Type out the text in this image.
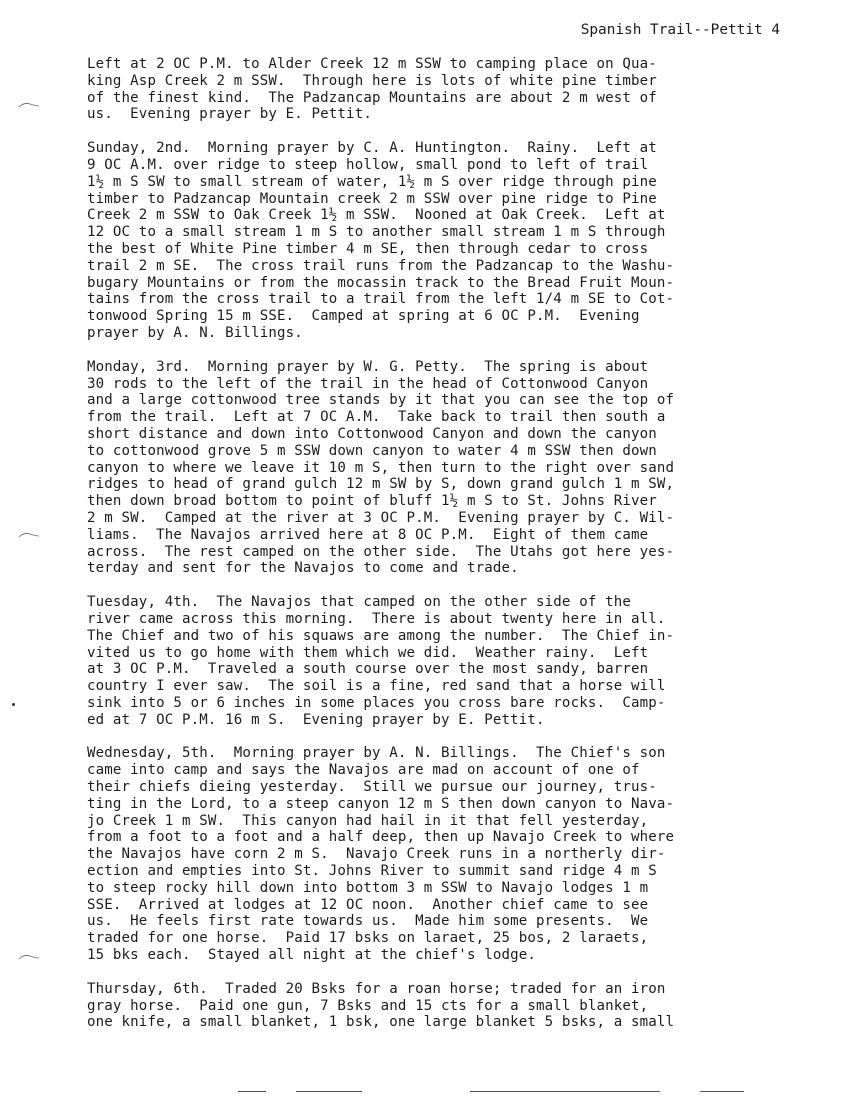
Spanish Trail--Pettit 4
Left at 2 OC P.M. to Alder Creek 12 m SSW to camping place on Qua-
king Asp Creek 2 m SSW.  Through here is lots of white pine timber
of the finest kind.  The Padzancap Mountains are about 2 m west of
us.  Evening prayer by E. Pettit.
Sunday, 2nd.  Morning prayer by C. A. Huntington.  Rainy.  Left at
9 OC A.M. over ridge to steep hollow, small pond to left of trail
1½ m S SW to small stream of water, 1½ m S over ridge through pine
timber to Padzancap Mountain creek 2 m SSW over pine ridge to Pine
Creek 2 m SSW to Oak Creek 1½ m SSW.  Nooned at Oak Creek.  Left at
12 OC to a small stream 1 m S to another small stream 1 m S through
the best of White Pine timber 4 m SE, then through cedar to cross
trail 2 m SE.  The cross trail runs from the Padzancap to the Washu-
bugary Mountains or from the mocassin track to the Bread Fruit Moun-
tains from the cross trail to a trail from the left 1/4 m SE to Cot-
tonwood Spring 15 m SSE.  Camped at spring at 6 OC P.M.  Evening
prayer by A. N. Billings.
Monday, 3rd.  Morning prayer by W. G. Petty.  The spring is about
30 rods to the left of the trail in the head of Cottonwood Canyon
and a large cottonwood tree stands by it that you can see the top of
from the trail.  Left at 7 OC A.M.  Take back to trail then south a
short distance and down into Cottonwood Canyon and down the canyon
to cottonwood grove 5 m SSW down canyon to water 4 m SSW then down
canyon to where we leave it 10 m S, then turn to the right over sand
ridges to head of grand gulch 12 m SW by S, down grand gulch 1 m SW,
then down broad bottom to point of bluff 1½ m S to St. Johns River
2 m SW.  Camped at the river at 3 OC P.M.  Evening prayer by C. Wil-
liams.  The Navajos arrived here at 8 OC P.M.  Eight of them came
across.  The rest camped on the other side.  The Utahs got here yes-
terday and sent for the Navajos to come and trade.
Tuesday, 4th.  The Navajos that camped on the other side of the
river came across this morning.  There is about twenty here in all.
The Chief and two of his squaws are among the number.  The Chief in-
vited us to go home with them which we did.  Weather rainy.  Left
at 3 OC P.M.  Traveled a south course over the most sandy, barren
country I ever saw.  The soil is a fine, red sand that a horse will
sink into 5 or 6 inches in some places you cross bare rocks.  Camp-
ed at 7 OC P.M. 16 m S.  Evening prayer by E. Pettit.
Wednesday, 5th.  Morning prayer by A. N. Billings.  The Chief's son
came into camp and says the Navajos are mad on account of one of
their chiefs dieing yesterday.  Still we pursue our journey, trus-
ting in the Lord, to a steep canyon 12 m S then down canyon to Nava-
jo Creek 1 m SW.  This canyon had hail in it that fell yesterday,
from a foot to a foot and a half deep, then up Navajo Creek to where
the Navajos have corn 2 m S.  Navajo Creek runs in a northerly dir-
ection and empties into St. Johns River to summit sand ridge 4 m S
to steep rocky hill down into bottom 3 m SSW to Navajo lodges 1 m
SSE.  Arrived at lodges at 12 OC noon.  Another chief came to see
us.  He feels first rate towards us.  Made him some presents.  We
traded for one horse.  Paid 17 bsks on laraet, 25 bos, 2 laraets,
15 bks each.  Stayed all night at the chief's lodge.
Thursday, 6th.  Traded 20 Bsks for a roan horse; traded for an iron
gray horse.  Paid one gun, 7 Bsks and 15 cts for a small blanket,
one knife, a small blanket, 1 bsk, one large blanket 5 bsks, a small
